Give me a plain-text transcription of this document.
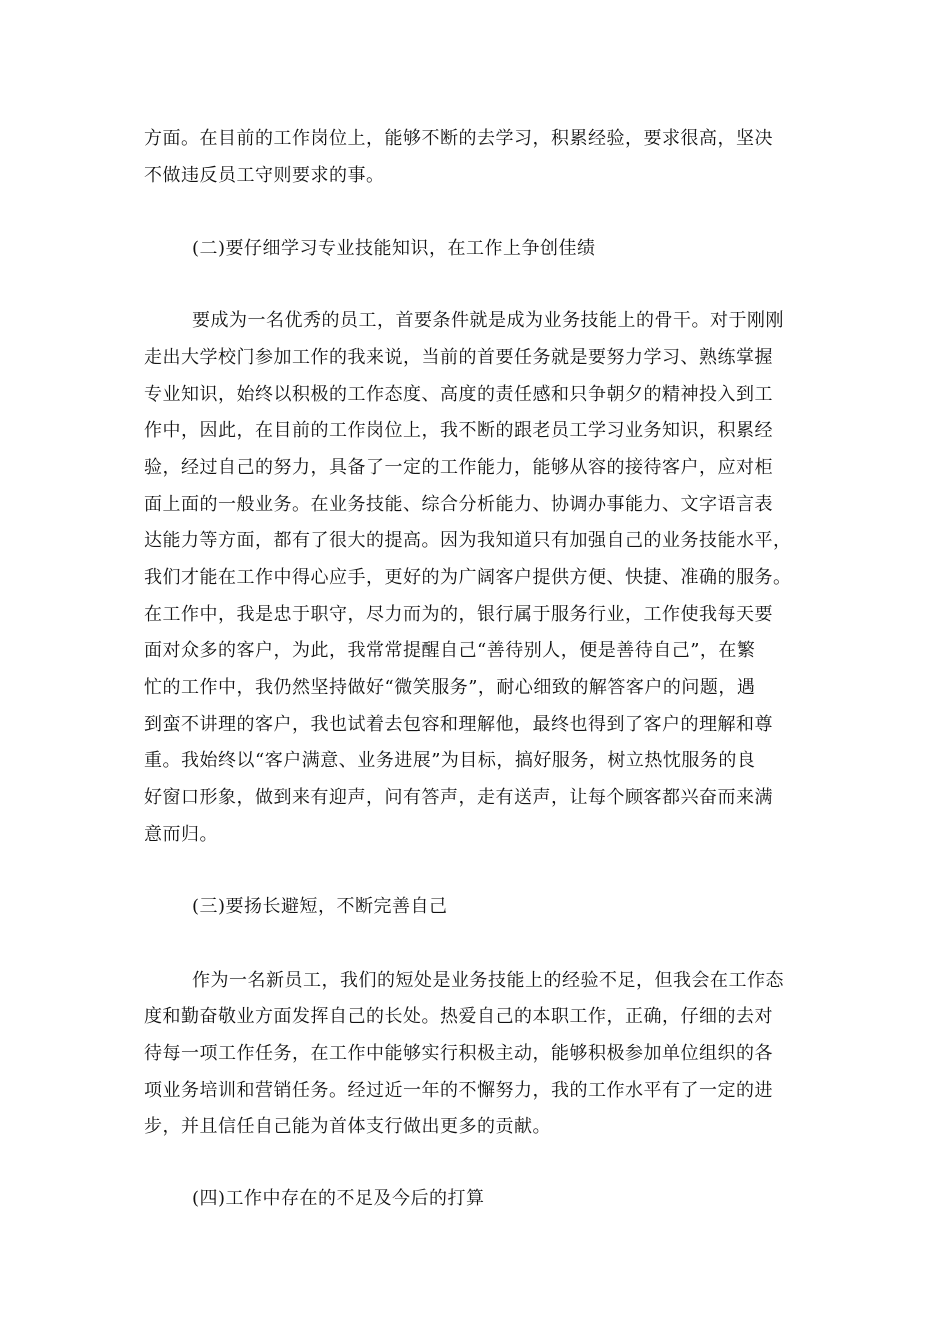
方面。在目前的工作岗位上，能够不断的去学习，积累经验，要求很高，坚决
不做违反员工守则要求的事。
(二)要仔细学习专业技能知识，在工作上争创佳绩
要成为一名优秀的员工，首要条件就是成为业务技能上的骨干。对于刚刚
走出大学校门参加工作的我来说，当前的首要任务就是要努力学习、熟练掌握
专业知识，始终以积极的工作态度、高度的责任感和只争朝夕的精神投入到工
作中，因此，在目前的工作岗位上，我不断的跟老员工学习业务知识，积累经
验，经过自己的努力，具备了一定的工作能力，能够从容的接待客户，应对柜
面上面的一般业务。在业务技能、综合分析能力、协调办事能力、文字语言表
达能力等方面，都有了很大的提高。因为我知道只有加强自己的业务技能水平，
我们才能在工作中得心应手，更好的为广阔客户提供方便、快捷、准确的服务。
在工作中，我是忠于职守，尽力而为的，银行属于服务行业，工作使我每天要
面对众多的客户，为此，我常常提醒自己“善待别人，便是善待自己”，在繁
忙的工作中，我仍然坚持做好“微笑服务”，耐心细致的解答客户的问题，遇
到蛮不讲理的客户，我也试着去包容和理解他，最终也得到了客户的理解和尊
重。我始终以“客户满意、业务进展”为目标，搞好服务，树立热忱服务的良
好窗口形象，做到来有迎声，问有答声，走有送声，让每个顾客都兴奋而来满
意而归。
(三)要扬长避短，不断完善自己
作为一名新员工，我们的短处是业务技能上的经验不足，但我会在工作态
度和勤奋敬业方面发挥自己的长处。热爱自己的本职工作，正确，仔细的去对
待每一项工作任务，在工作中能够实行积极主动，能够积极参加单位组织的各
项业务培训和营销任务。经过近一年的不懈努力，我的工作水平有了一定的进
步，并且信任自己能为首体支行做出更多的贡献。
(四)工作中存在的不足及今后的打算
